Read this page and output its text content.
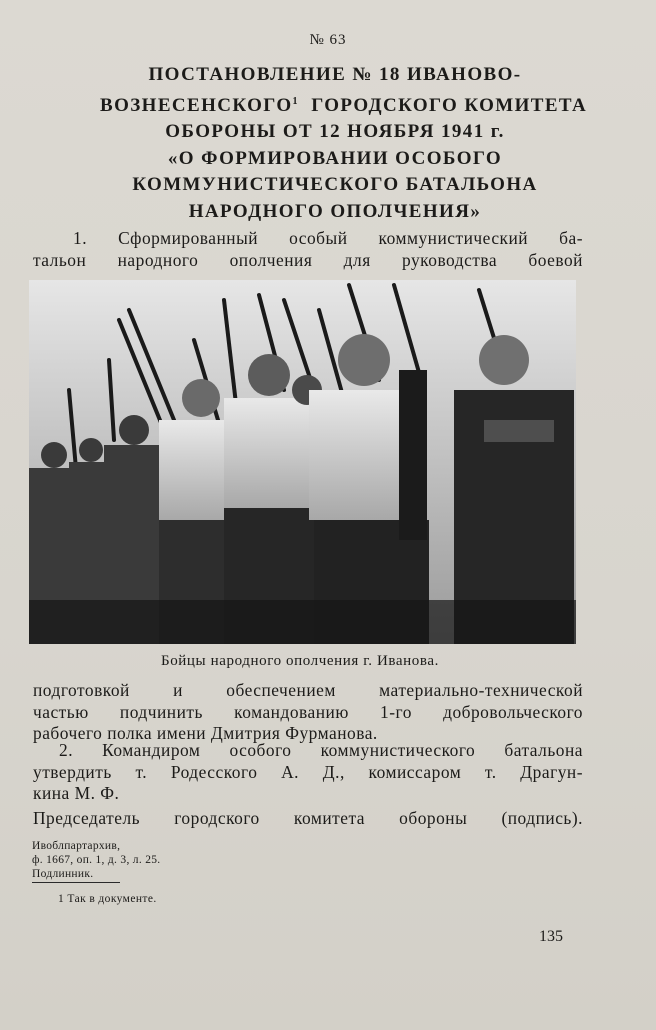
№ 63
ПОСТАНОВЛЕНИЕ № 18 ИВАНОВО-
ВОЗНЕСЕНСКОГО$^1$ ГОРОДСКОГО КОМИТЕТА
ОБОРОНЫ ОТ 12 НОЯБРЯ 1941 г.
«О ФОРМИРОВАНИИ ОСОБОГО
КОММУНИСТИЧЕСКОГО БАТАЛЬОНА
НАРОДНОГО ОПОЛЧЕНИЯ»
1. Сформированный особый коммунистический ба-
тальон народного ополчения для руководства боевой
Бойцы народного ополчения г. Иванова.
подготовкой и обеспечением материально-технической
частью подчинить командованию 1-го добровольческого
рабочего полка имени Дмитрия Фурманова.
2. Командиром особого коммунистического батальона
утвердить т. Родесского А. Д., комиссаром т. Драгун-
кина М. Ф.
Председатель городского комитета обороны (подпись).
Ивоблпартархив,
ф. 1667, оп. 1, д. 3, л. 25.
Подлинник.
1 Так в документе.
135
